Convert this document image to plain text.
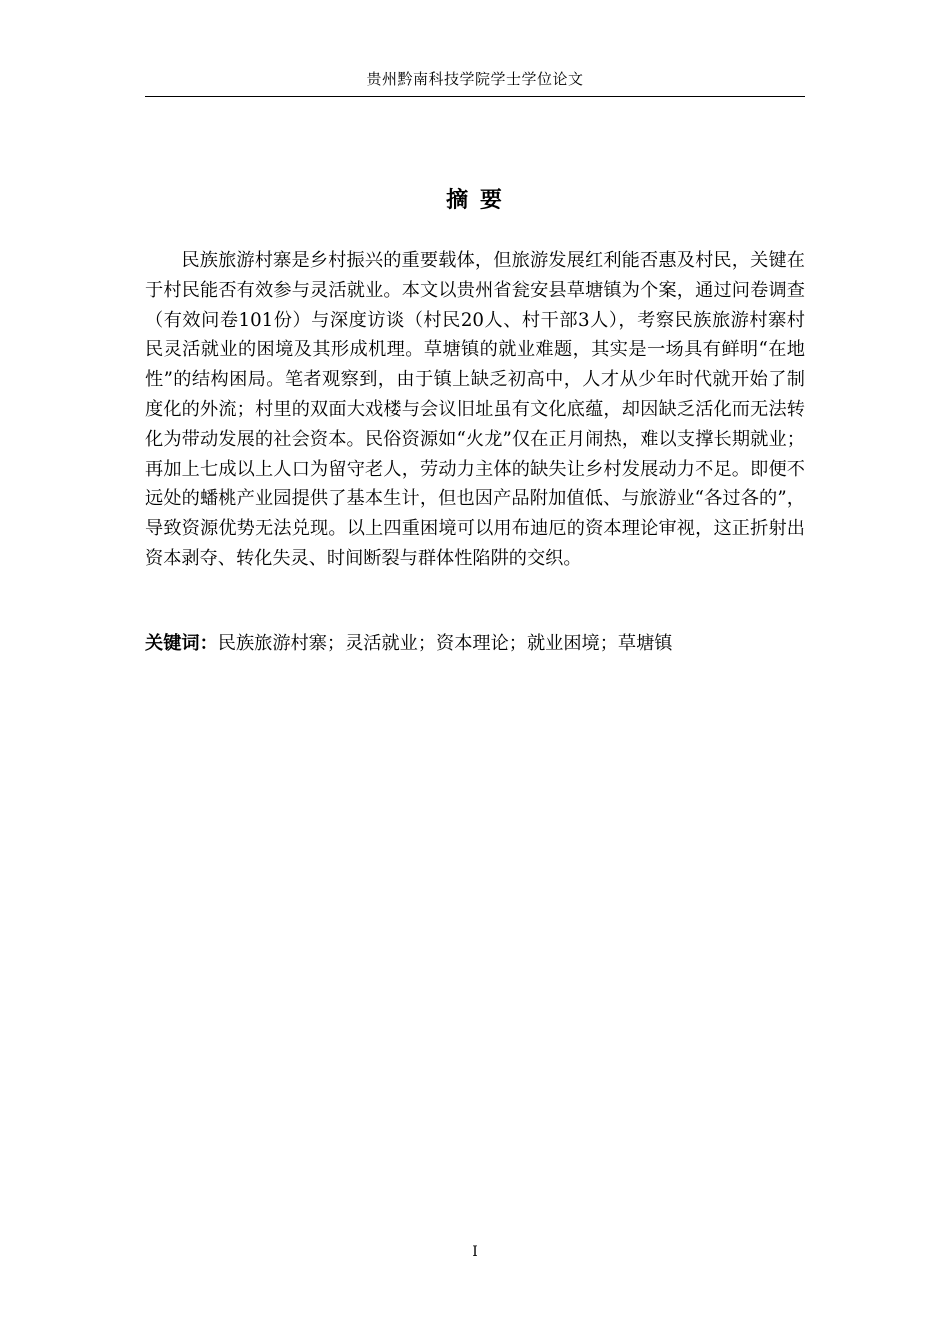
贵州黔南科技学院学士学位论文
摘 要

民族旅游村寨是乡村振兴的重要载体，但旅游发展红利能否惠及村民，关键在于村民能否有效参与灵活就业。本文以贵州省瓮安县草塘镇为个案，通过问卷调查（有效问卷101份）与深度访谈（村民20人、村干部3人），考察民族旅游村寨村民灵活就业的困境及其形成机理。草塘镇的就业难题，其实是一场具有鲜明“在地性”的结构困局。笔者观察到，由于镇上缺乏初高中，人才从少年时代就开始了制度化的外流；村里的双面大戏楼与会议旧址虽有文化底蕴，却因缺乏活化而无法转化为带动发展的社会资本。民俗资源如“火龙”仅在正月闹热，难以支撑长期就业；再加上七成以上人口为留守老人，劳动力主体的缺失让乡村发展动力不足。即便不远处的蟠桃产业园提供了基本生计，但也因产品附加值低、与旅游业“各过各的”，导致资源优势无法兑现。以上四重困境可以用布迪厄的资本理论审视，这正折射出资本剥夺、转化失灵、时间断裂与群体性陷阱的交织。

关键词：民族旅游村寨；灵活就业；资本理论；就业困境；草塘镇
I
